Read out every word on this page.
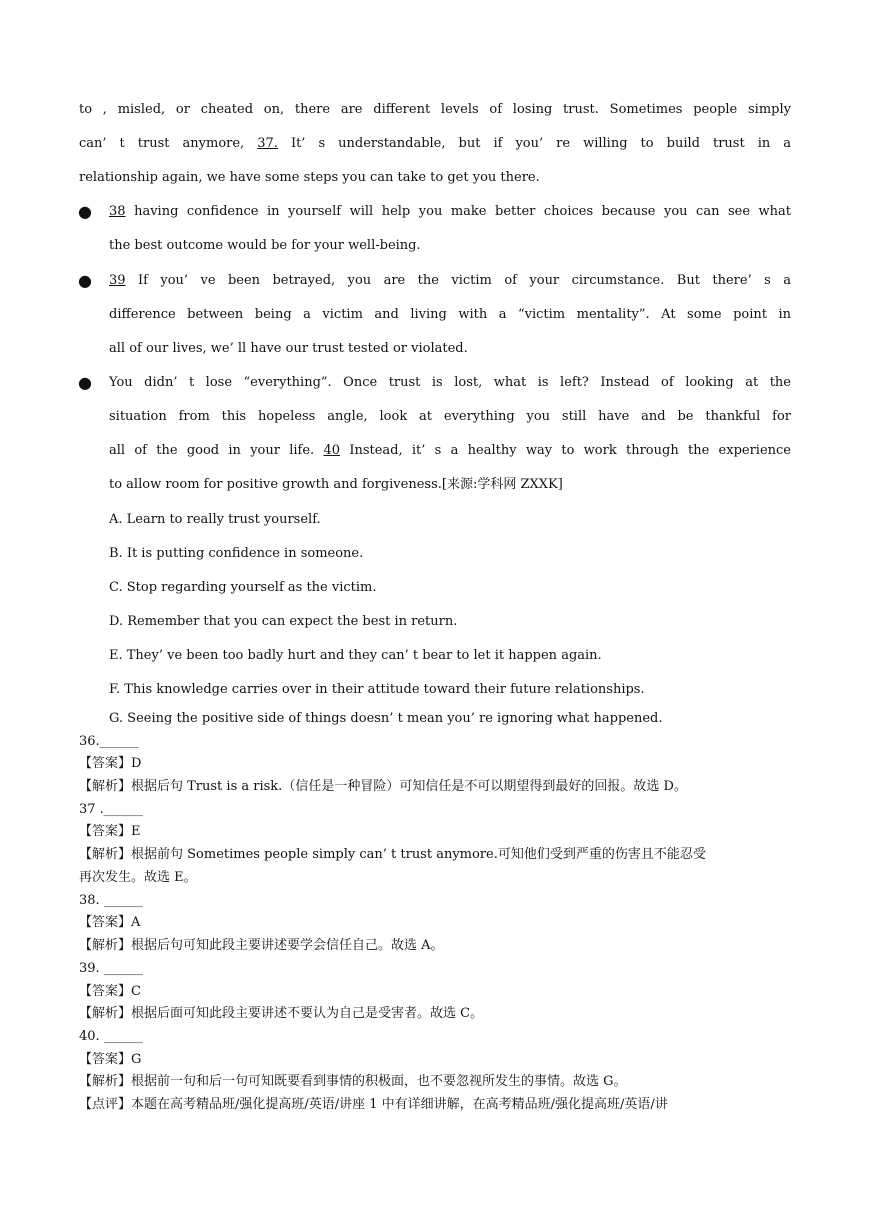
to , misled, or cheated on, there are different levels of losing trust. Sometimes people simply
can’ t trust anymore, 37. It’ s understandable, but if you’ re willing to build trust in a
relationship again, we have some steps you can take to get you there.
● 38 having confidence in yourself will help you make better choices because you can see what
the best outcome would be for your well-being.
● 39 If you’ ve been betrayed, you are the victim of your circumstance. But there’ s a
difference between being a victim and living with a “victim mentality”. At some point in
all of our lives, we’ ll have our trust tested or violated.
● You didn’ t lose “everything”. Once trust is lost, what is left? Instead of looking at the
situation from this hopeless angle, look at everything you still have and be thankful for
all of the good in your life. 40 Instead, it’ s a healthy way to work through the experience
to allow room for positive growth and forgiveness.[来源:学科网 ZXXK]
A. Learn to really trust yourself.
B. It is putting confidence in someone.
C. Stop regarding yourself as the victim.
D. Remember that you can expect the best in return.
E. They’ ve been too badly hurt and they can’ t bear to let it happen again.
F. This knowledge carries over in their attitude toward their future relationships.
G. Seeing the positive side of things doesn’ t mean you’ re ignoring what happened.
36.______
【答案】D
【解析】根据后句 Trust is a risk.（信任是一种冒险）可知信任是不可以期望得到最好的回报。故选 D。
37 .______
【答案】E
【解析】根据前句 Sometimes people simply can’ t trust anymore.可知他们受到严重的伤害且不能忍受
再次发生。故选 E。
38. ______
【答案】A
【解析】根据后句可知此段主要讲述要学会信任自己。故选 A。
39. ______
【答案】C
【解析】根据后面可知此段主要讲述不要认为自己是受害者。故选 C。
40. ______
【答案】G
【解析】根据前一句和后一句可知既要看到事情的积极面，也不要忽视所发生的事情。故选 G。
【点评】本题在高考精品班/强化提高班/英语/讲座 1 中有详细讲解，在高考精品班/强化提高班/英语/讲
